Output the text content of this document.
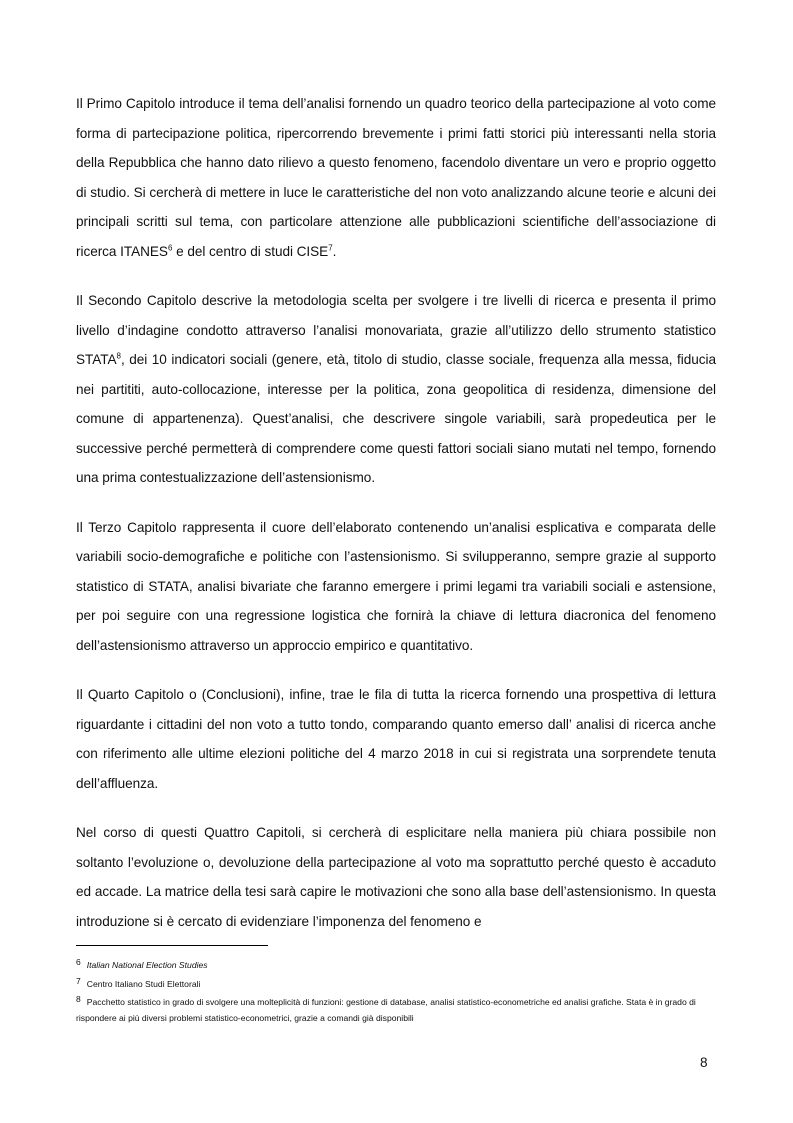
Il Primo Capitolo introduce il tema dell’analisi fornendo un quadro teorico della partecipazione al voto come forma di partecipazione politica, ripercorrendo brevemente i primi fatti storici più interessanti nella storia della Repubblica che hanno dato rilievo a questo fenomeno, facendolo diventare un vero e proprio oggetto di studio. Si cercherà di mettere in luce le caratteristiche del non voto analizzando alcune teorie e alcuni dei principali scritti sul tema, con particolare attenzione alle pubblicazioni scientifiche dell’associazione di ricerca ITANES$^6$ e del centro di studi CISE$^7$.

Il Secondo Capitolo descrive la metodologia scelta per svolgere i tre livelli di ricerca e presenta il primo livello d’indagine condotto attraverso l’analisi monovariata, grazie all’utilizzo dello strumento statistico STATA$^8$, dei 10 indicatori sociali (genere, età, titolo di studio, classe sociale, frequenza alla messa, fiducia nei partititi, auto-collocazione, interesse per la politica, zona geopolitica di residenza, dimensione del comune di appartenenza). Quest’analisi, che descrivere singole variabili, sarà propedeutica per le successive perché permetterà di comprendere come questi fattori sociali siano mutati nel tempo, fornendo una prima contestualizzazione dell’astensionismo.

Il Terzo Capitolo rappresenta il cuore dell’elaborato contenendo un’analisi esplicativa e comparata delle variabili socio-demografiche e politiche con l’astensionismo. Si svilupperanno, sempre grazie al supporto statistico di STATA, analisi bivariate che faranno emergere i primi legami tra variabili sociali e astensione, per poi seguire con una regressione logistica che fornirà la chiave di lettura diacronica del fenomeno dell’astensionismo attraverso un approccio empirico e quantitativo.

Il Quarto Capitolo o (Conclusioni), infine, trae le fila di tutta la ricerca fornendo una prospettiva di lettura riguardante i cittadini del non voto a tutto tondo, comparando quanto emerso dall’ analisi di ricerca anche con riferimento alle ultime elezioni politiche del 4 marzo 2018 in cui si registrata una sorprendete tenuta dell’affluenza.

Nel corso di questi Quattro Capitoli, si cercherà di esplicitare nella maniera più chiara possibile non soltanto l’evoluzione o, devoluzione della partecipazione al voto ma soprattutto perché questo è accaduto ed accade. La matrice della tesi sarà capire le motivazioni che sono alla base dell’astensionismo. In questa introduzione si è cercato di evidenziare l’imponenza del fenomeno e

6 Italian National Election Studies

7 Centro Italiano Studi Elettorali

8 Pacchetto statistico in grado di svolgere una molteplicità di funzioni: gestione di database, analisi statistico-econometriche ed analisi grafiche. Stata è in grado di rispondere ai più diversi problemi statistico-econometrici, grazie a comandi già disponibili

8
